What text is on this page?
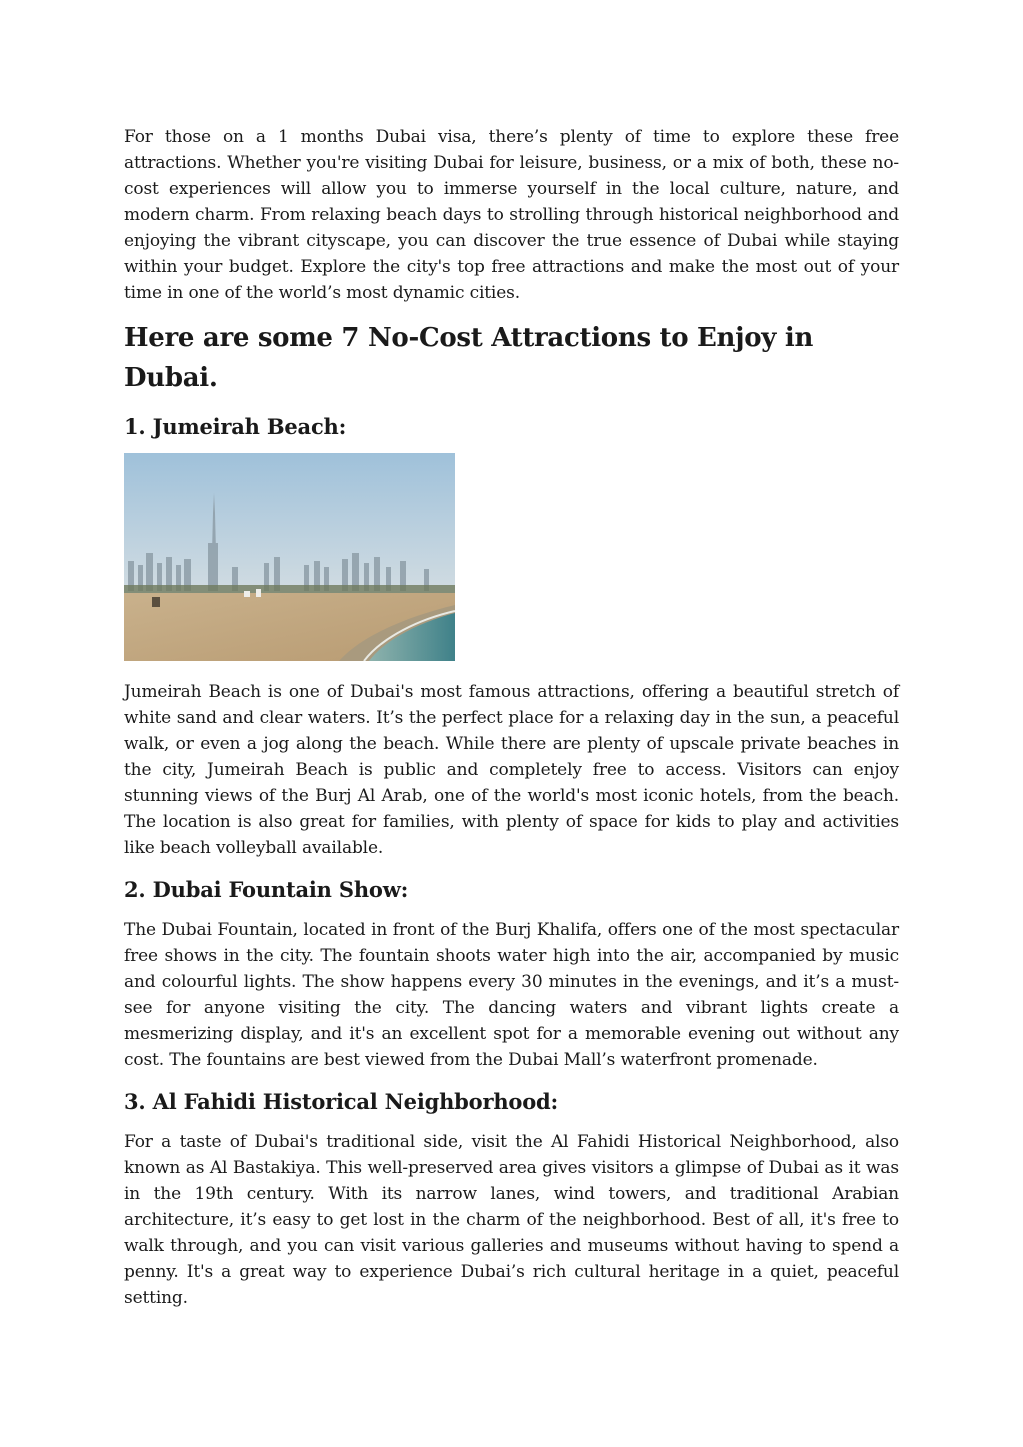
For those on a 1 months Dubai visa, there’s plenty of time to explore these free attractions. Whether you're visiting Dubai for leisure, business, or a mix of both, these no-cost experiences will allow you to immerse yourself in the local culture, nature, and modern charm. From relaxing beach days to strolling through historical neighborhood and enjoying the vibrant cityscape, you can discover the true essence of Dubai while staying within your budget. Explore the city's top free attractions and make the most out of your time in one of the world’s most dynamic cities.

Here are some 7 No-Cost Attractions to Enjoy in Dubai.
1. Jumeirah Beach:

Jumeirah Beach is one of Dubai's most famous attractions, offering a beautiful stretch of white sand and clear waters. It’s the perfect place for a relaxing day in the sun, a peaceful walk, or even a jog along the beach. While there are plenty of upscale private beaches in the city, Jumeirah Beach is public and completely free to access. Visitors can enjoy stunning views of the Burj Al Arab, one of the world's most iconic hotels, from the beach. The location is also great for families, with plenty of space for kids to play and activities like beach volleyball available.

2. Dubai Fountain Show:

The Dubai Fountain, located in front of the Burj Khalifa, offers one of the most spectacular free shows in the city. The fountain shoots water high into the air, accompanied by music and colourful lights. The show happens every 30 minutes in the evenings, and it’s a must-see for anyone visiting the city. The dancing waters and vibrant lights create a mesmerizing display, and it's an excellent spot for a memorable evening out without any cost. The fountains are best viewed from the Dubai Mall’s waterfront promenade.

3. Al Fahidi Historical Neighborhood:

For a taste of Dubai's traditional side, visit the Al Fahidi Historical Neighborhood, also known as Al Bastakiya. This well-preserved area gives visitors a glimpse of Dubai as it was in the 19th century. With its narrow lanes, wind towers, and traditional Arabian architecture, it’s easy to get lost in the charm of the neighborhood. Best of all, it's free to walk through, and you can visit various galleries and museums without having to spend a penny. It's a great way to experience Dubai’s rich cultural heritage in a quiet, peaceful setting.
